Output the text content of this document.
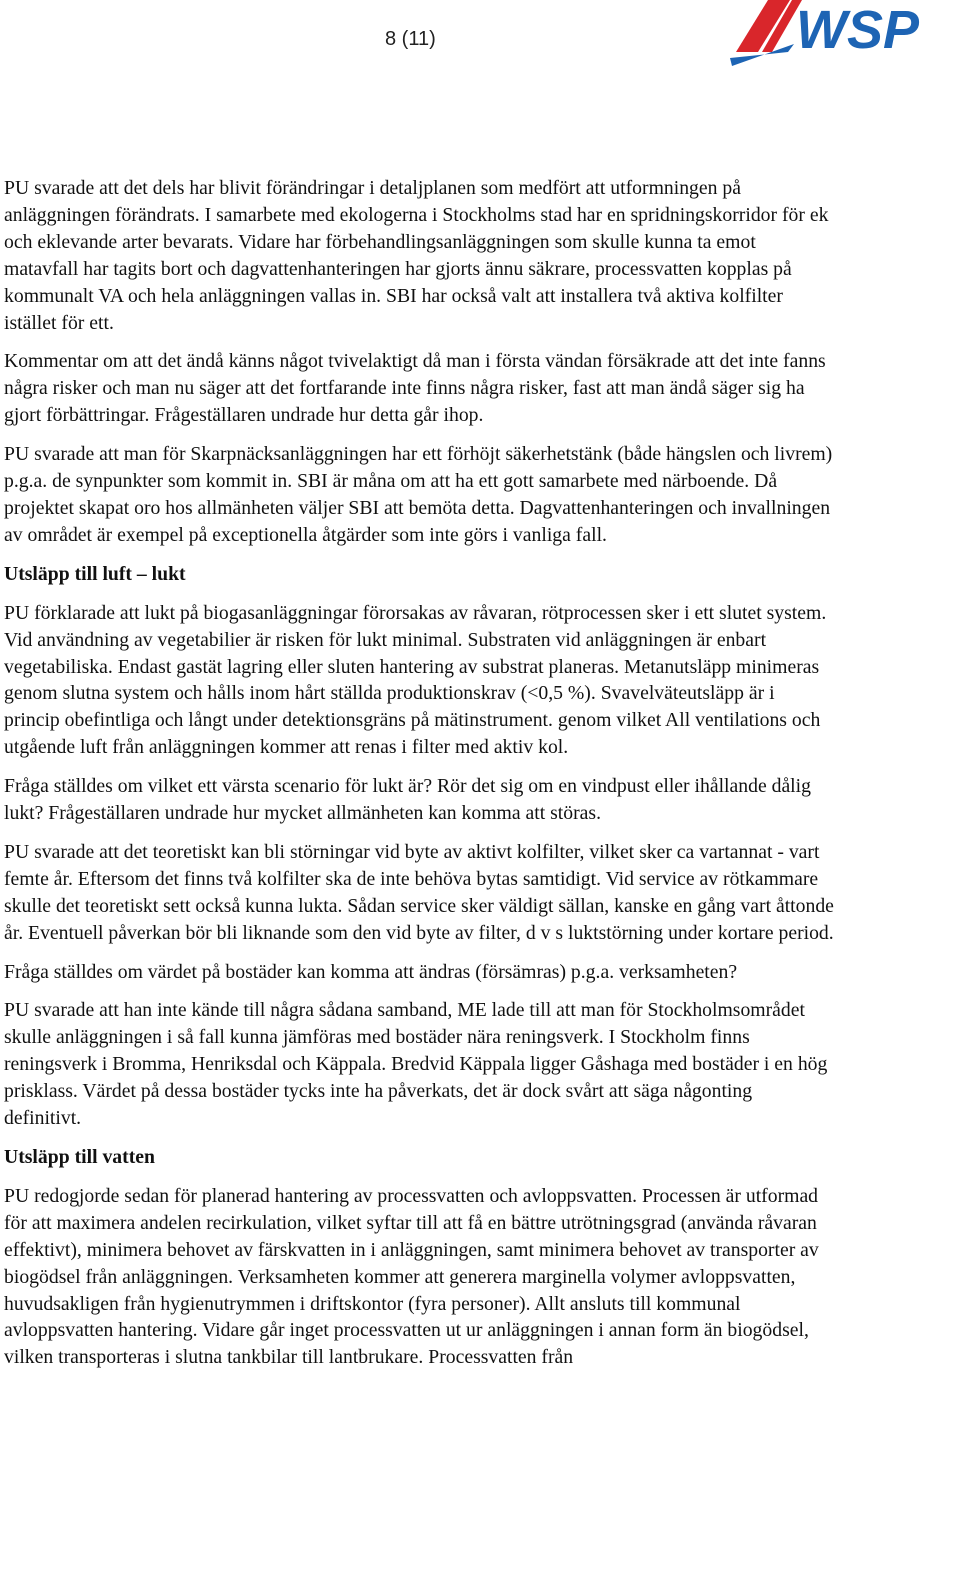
8 (11)	WSP

PU svarade att det dels har blivit förändringar i detaljplanen som medfört att utformningen på anläggningen förändrats. I samarbete med ekologerna i Stockholms stad har en spridningskorridor för ek och eklevande arter bevarats. Vidare har förbehandlingsanläggningen som skulle kunna ta emot matavfall har tagits bort och dagvattenhanteringen har gjorts ännu säkrare, processvatten kopplas på kommunalt VA och hela anläggningen vallas in. SBI har också valt att installera två aktiva kolfilter istället för ett.

Kommentar om att det ändå känns något tvivelaktigt då man i första vändan försäkrade att det inte fanns några risker och man nu säger att det fortfarande inte finns några risker, fast att man ändå säger sig ha gjort förbättringar. Frågeställaren undrade hur detta går ihop.

PU svarade att man för Skarpnäcksanläggningen har ett förhöjt säkerhetstänk (både hängslen och livrem) p.g.a. de synpunkter som kommit in. SBI är måna om att ha ett gott samarbete med närboende. Då projektet skapat oro hos allmänheten väljer SBI att bemöta detta. Dagvattenhanteringen och invallningen av området är exempel på exceptionella åtgärder som inte görs i vanliga fall.

Utsläpp till luft – lukt

PU förklarade att lukt på biogasanläggningar förorsakas av råvaran, rötprocessen sker i ett slutet system. Vid användning av vegetabilier är risken för lukt minimal. Substraten vid anläggningen är enbart vegetabiliska. Endast gastät lagring eller sluten hantering av substrat planeras. Metanutsläpp minimeras genom slutna system och hålls inom hårt ställda produktionskrav (<0,5 %). Svavelväteutsläpp är i princip obefintliga och långt under detektionsgräns på mätinstrument. genom vilket All ventilations och utgående luft från anläggningen kommer att renas i filter med aktiv kol.

Fråga ställdes om vilket ett värsta scenario för lukt är? Rör det sig om en vindpust eller ihållande dålig lukt? Frågeställaren undrade hur mycket allmänheten kan komma att störas.

PU svarade att det teoretiskt kan bli störningar vid byte av aktivt kolfilter, vilket sker ca vartannat - vart femte år. Eftersom det finns två kolfilter ska de inte behöva bytas samtidigt. Vid service av rötkammare skulle det teoretiskt sett också kunna lukta. Sådan service sker väldigt sällan, kanske en gång vart åttonde år. Eventuell påverkan bör bli liknande som den vid byte av filter, d v s luktstörning under kortare period.

Fråga ställdes om värdet på bostäder kan komma att ändras (försämras) p.g.a. verksamheten?

PU svarade att han inte kände till några sådana samband, ME lade till att man för Stockholmsområdet skulle anläggningen i så fall kunna jämföras med bostäder nära reningsverk. I Stockholm finns reningsverk i Bromma, Henriksdal och Käppala. Bredvid Käppala ligger Gåshaga med bostäder i en hög prisklass. Värdet på dessa bostäder tycks inte ha påverkats, det är dock svårt att säga någonting definitivt.

Utsläpp till vatten

PU redogjorde sedan för planerad hantering av processvatten och avloppsvatten. Processen är utformad för att maximera andelen recirkulation, vilket syftar till att få en bättre utrötningsgrad (använda råvaran effektivt), minimera behovet av färskvatten in i anläggningen, samt minimera behovet av transporter av biogödsel från anläggningen. Verksamheten kommer att generera marginella volymer avloppsvatten, huvudsakligen från hygienutrymmen i driftskontor (fyra personer). Allt ansluts till kommunal avloppsvatten hantering. Vidare går inget processvatten ut ur anläggningen i annan form än biogödsel, vilken transporteras i slutna tankbilar till lantbrukare. Processvatten från
